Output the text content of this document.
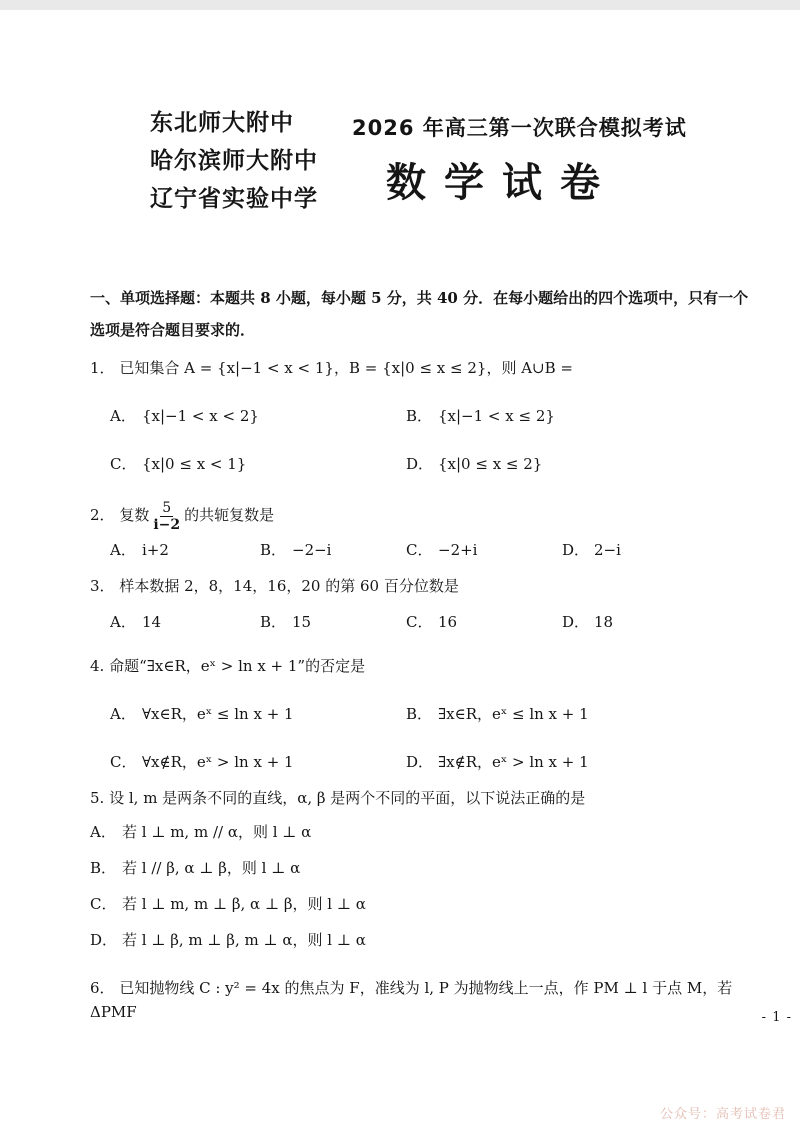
东北师大附中
哈尔滨师大附中
辽宁省实验中学
2026 年高三第一次联合模拟考试
数学试卷
一、单项选择题：本题共 8 小题，每小题 5 分，共 40 分．在每小题给出的四个选项中，只有一个
选项是符合题目要求的．
1． 已知集合 A = {x|−1 < x < 1}，B = {x|0 ≤ x ≤ 2}，则 A∪B =
A． {x|−1 < x < 2}	B． {x|−1 < x ≤ 2}
C． {x|0 ≤ x < 1}	D． {x|0 ≤ x ≤ 2}
2． 复数 $\frac{5}{i-2}$ 的共轭复数是
A． i+2	B． −2−i	C． −2+i	D． 2−i
3． 样本数据 2，8，14，16，20 的第 60 百分位数是
A． 14	B． 15	C． 16	D． 18
4. 命题“∃x∈R，eˣ > ln x + 1”的否定是
A． ∀x∈R，eˣ ≤ ln x + 1	B． ∃x∈R，eˣ ≤ ln x + 1
C． ∀x∉R，eˣ > ln x + 1	D． ∃x∉R，eˣ > ln x + 1
5. 设 l, m 是两条不同的直线，α, β 是两个不同的平面，以下说法正确的是
A． 若 l ⊥ m, m // α，则 l ⊥ α
B． 若 l // β, α ⊥ β，则 l ⊥ α
C． 若 l ⊥ m, m ⊥ β, α ⊥ β，则 l ⊥ α
D． 若 l ⊥ β, m ⊥ β, m ⊥ α，则 l ⊥ α
6． 已知抛物线 C : y² = 4x 的焦点为 F，准线为 l, P 为抛物线上一点，作 PM ⊥ l 于点 M，若 ΔPMF	- 1 -
公众号：高考试卷君
